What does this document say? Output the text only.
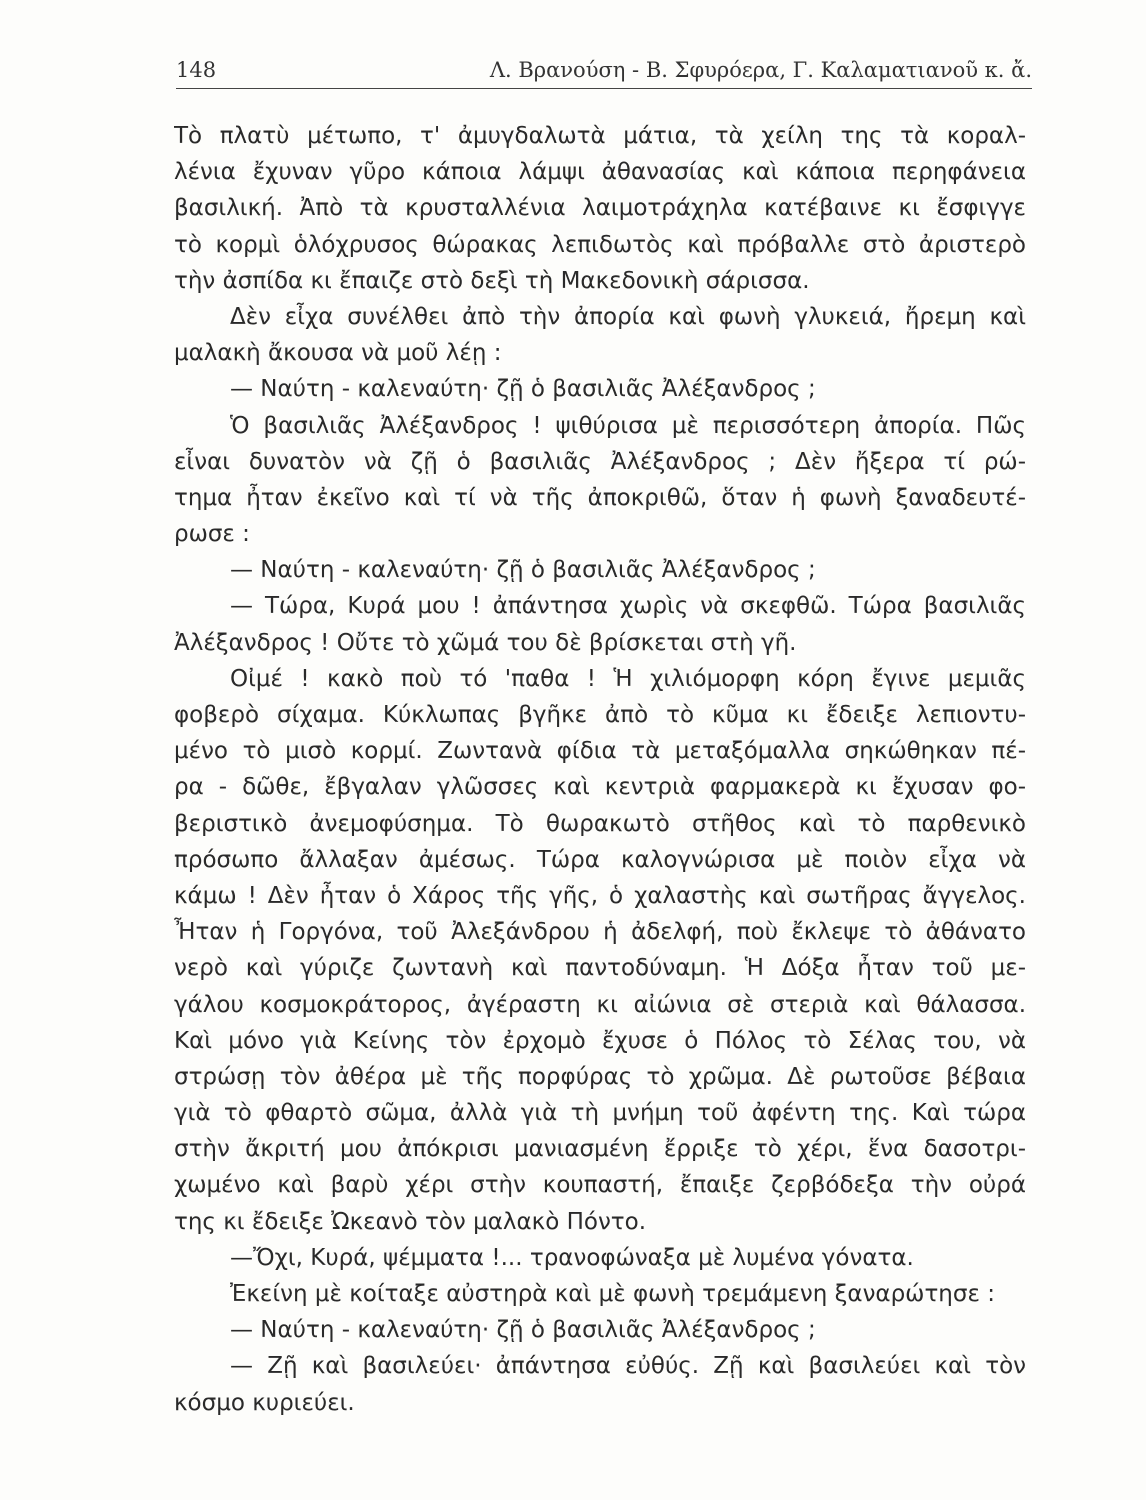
148	Λ. Βρανούση - Β. Σφυρόερα, Γ. Καλαματιανοῦ κ. ἄ.
Τὸ πλατὺ μέτωπο, τ' ἀμυγδαλωτὰ μάτια, τὰ χείλη της τὰ κοραλ-
λένια ἔχυναν γῦρο κάποια λάμψι ἀθανασίας καὶ κάποια περηφάνεια
βασιλική. Ἀπὸ τὰ κρυσταλλένια λαιμοτράχηλα κατέβαινε κι ἔσφιγγε
τὸ κορμὶ ὁλόχρυσος θώρακας λεπιδωτὸς καὶ πρόβαλλε στὸ ἀριστερὸ
τὴν ἀσπίδα κι ἔπαιζε στὸ δεξὶ τὴ Μακεδονικὴ σάρισσα.
Δὲν εἶχα συνέλθει ἀπὸ τὴν ἀπορία καὶ φωνὴ γλυκειά, ἤρεμη καὶ
μαλακὴ ἄκουσα νὰ μοῦ λέῃ :
— Ναύτη - καλεναύτη· ζῇ ὁ βασιλιᾶς Ἀλέξανδρος ;
Ὁ βασιλιᾶς Ἀλέξανδρος ! ψιθύρισα μὲ περισσότερη ἀπορία. Πῶς
εἶναι δυνατὸν νὰ ζῇ ὁ βασιλιᾶς Ἀλέξανδρος ; Δὲν ἤξερα τί ρώ-
τημα ἦταν ἐκεῖνο καὶ τί νὰ τῆς ἀποκριθῶ, ὅταν ἡ φωνὴ ξαναδευτέ-
ρωσε :
— Ναύτη - καλεναύτη· ζῇ ὁ βασιλιᾶς Ἀλέξανδρος ;
— Τώρα, Κυρά μου ! ἀπάντησα χωρὶς νὰ σκεφθῶ. Τώρα βασιλιᾶς
Ἀλέξανδρος ! Οὔτε τὸ χῶμά του δὲ βρίσκεται στὴ γῆ.
Οἰμέ ! κακὸ ποὺ τό 'παθα ! Ἡ χιλιόμορφη κόρη ἔγινε μεμιᾶς
φοβερὸ σίχαμα. Κύκλωπας βγῆκε ἀπὸ τὸ κῦμα κι ἔδειξε λεπιοντυ-
μένο τὸ μισὸ κορμί. Ζωντανὰ φίδια τὰ μεταξόμαλλα σηκώθηκαν πέ-
ρα - δῶθε, ἔβγαλαν γλῶσσες καὶ κεντριὰ φαρμακερὰ κι ἔχυσαν φο-
βεριστικὸ ἀνεμοφύσημα. Τὸ θωρακωτὸ στῆθος καὶ τὸ παρθενικὸ
πρόσωπο ἄλλαξαν ἀμέσως. Τώρα καλογνώρισα μὲ ποιὸν εἶχα νὰ
κάμω ! Δὲν ἦταν ὁ Χάρος τῆς γῆς, ὁ χαλαστὴς καὶ σωτῆρας ἄγγελος.
Ἦταν ἡ Γοργόνα, τοῦ Ἀλεξάνδρου ἡ ἀδελφή, ποὺ ἔκλεψε τὸ ἀθάνατο
νερὸ καὶ γύριζε ζωντανὴ καὶ παντοδύναμη. Ἡ Δόξα ἦταν τοῦ με-
γάλου κοσμοκράτορος, ἀγέραστη κι αἰώνια σὲ στεριὰ καὶ θάλασσα.
Καὶ μόνο γιὰ Κείνης τὸν ἐρχομὸ ἔχυσε ὁ Πόλος τὸ Σέλας του, νὰ
στρώσῃ τὸν ἀθέρα μὲ τῆς πορφύρας τὸ χρῶμα. Δὲ ρωτοῦσε βέβαια
γιὰ τὸ φθαρτὸ σῶμα, ἀλλὰ γιὰ τὴ μνήμη τοῦ ἀφέντη της. Καὶ τώρα
στὴν ἄκριτή μου ἀπόκρισι μανιασμένη ἔρριξε τὸ χέρι, ἕνα δασοτρι-
χωμένο καὶ βαρὺ χέρι στὴν κουπαστή, ἔπαιξε ζερβόδεξα τὴν οὐρά
της κι ἔδειξε Ὠκεανὸ τὸν μαλακὸ Πόντο.
—Ὄχι, Κυρά, ψέμματα !... τρανοφώναξα μὲ λυμένα γόνατα.
Ἐκείνη μὲ κοίταξε αὐστηρὰ καὶ μὲ φωνὴ τρεμάμενη ξαναρώτησε :
— Ναύτη - καλεναύτη· ζῇ ὁ βασιλιᾶς Ἀλέξανδρος ;
— Ζῇ καὶ βασιλεύει· ἀπάντησα εὐθύς. Ζῇ καὶ βασιλεύει καὶ τὸν
κόσμο κυριεύει.
